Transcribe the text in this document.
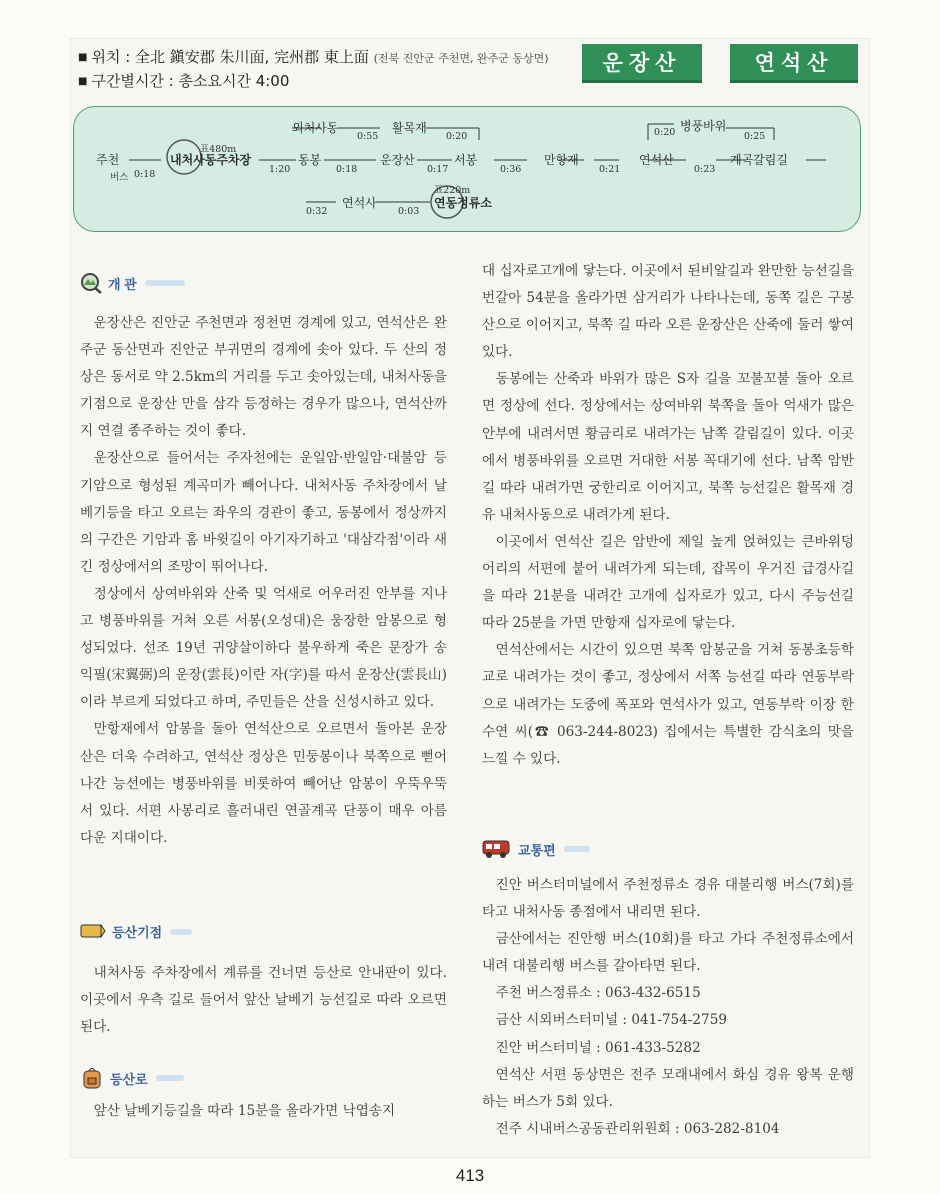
■ 위치 : 全北 鎭安郡 朱川面, 完州郡 東上面 (전북 진안군 주천면, 완주군 동상면)
■ 구간별시간 : 총소요시간 4:00
운장산	연석산
주천
버스 0:18
표480m
내처사동주차장
1:20
동봉
0:18
운장산
0:17
서봉
0:36
만항재
0:21
연석산
0:23
계곡갈림길
외처사동
0:55
활목재
0:20	0:20 병풍바위
0:25
0:32
연석사
0:03
표220m
연동정류소
개 관

운장산은 진안군 주천면과 정천면 경계에 있고, 연석산은 완주군 동산면과 진안군 부귀면의 경계에 솟아 있다. 두 산의 정상은 동서로 약 2.5km의 거리를 두고 솟아있는데, 내처사동을 기점으로 운장산 만을 삼각 등정하는 경우가 많으나, 연석산까지 연결 종주하는 것이 좋다.

운장산으로 들어서는 주자천에는 운일암·반일암·대불암 등 기암으로 형성된 계곡미가 빼어나다. 내처사동 주차장에서 날베기등을 타고 오르는 좌우의 경관이 좋고, 동봉에서 정상까지의 구간은 기암과 홈 바윗길이 아기자기하고 '대삼각점'이라 새긴 정상에서의 조망이 뛰어나다.

정상에서 상여바위와 산죽 및 억새로 어우러진 안부를 지나고 병풍바위를 거쳐 오른 서봉(오성대)은 웅장한 암봉으로 형성되었다. 선조 19년 귀양살이하다 불우하게 죽은 문장가 송익필(宋翼弼)의 운장(雲長)이란 자(字)를 따서 운장산(雲長山)이라 부르게 되었다고 하며, 주민들은 산을 신성시하고 있다.

만항재에서 암봉을 돌아 연석산으로 오르면서 돌아본 운장산은 더욱 수려하고, 연석산 정상은 민둥봉이나 북쪽으로 뻗어나간 능선에는 병풍바위를 비롯하여 빼어난 암봉이 우뚝우뚝 서 있다. 서편 사봉리로 흘러내린 연골계곡 단풍이 매우 아름다운 지대이다.

등산기점

내처사동 주차장에서 계류를 건너면 등산로 안내판이 있다. 이곳에서 우측 길로 들어서 앞산 날베기 능선길로 따라 오르면 된다.

등산로

앞산 날베기등길을 따라 15분을 올라가면 낙엽송지

대 십자로고개에 닿는다. 이곳에서 된비알길과 완만한 능선길을 번갈아 54분을 올라가면 삼거리가 나타나는데, 동쪽 길은 구봉산으로 이어지고, 북쪽 길 따라 오른 운장산은 산죽에 둘러 쌓여 있다.

동봉에는 산죽과 바위가 많은 S자 길을 꼬불꼬불 돌아 오르면 정상에 선다. 정상에서는 상여바위 북쪽을 돌아 억새가 많은 안부에 내려서면 황금리로 내려가는 남쪽 갈림길이 있다. 이곳에서 병풍바위를 오르면 거대한 서봉 꼭대기에 선다. 남쪽 암반길 따라 내려가면 궁한리로 이어지고, 북쪽 능선길은 활목재 경유 내처사동으로 내려가게 된다.

이곳에서 연석산 길은 암반에 제일 높게 얹혀있는 큰바위덩어리의 서편에 붙어 내려가게 되는데, 잡목이 우거진 급경사길을 따라 21분을 내려간 고개에 십자로가 있고, 다시 주능선길 따라 25분을 가면 만항재 십자로에 닿는다.

연석산에서는 시간이 있으면 북쪽 암봉군을 거쳐 동봉초등학교로 내려가는 것이 좋고, 정상에서 서쪽 능선길 따라 연동부락으로 내려가는 도중에 폭포와 연석사가 있고, 연동부락 이장 한수연 씨(☎ 063-244-8023) 집에서는 특별한 감식초의 맛을 느낄 수 있다.

교통편

진안 버스터미널에서 주천정류소 경유 대불리행 버스(7회)를 타고 내처사동 종점에서 내리면 된다.

금산에서는 진안행 버스(10회)를 타고 가다 주천정류소에서 내려 대불리행 버스를 갈아타면 된다.

주천 버스정류소 : 063-432-6515

금산 시외버스터미널 : 041-754-2759

진안 버스터미널 : 061-433-5282

연석산 서편 동상면은 전주 모래내에서 화심 경유 왕복 운행하는 버스가 5회 있다.

전주 시내버스공동관리위원회 : 063-282-8104

413
